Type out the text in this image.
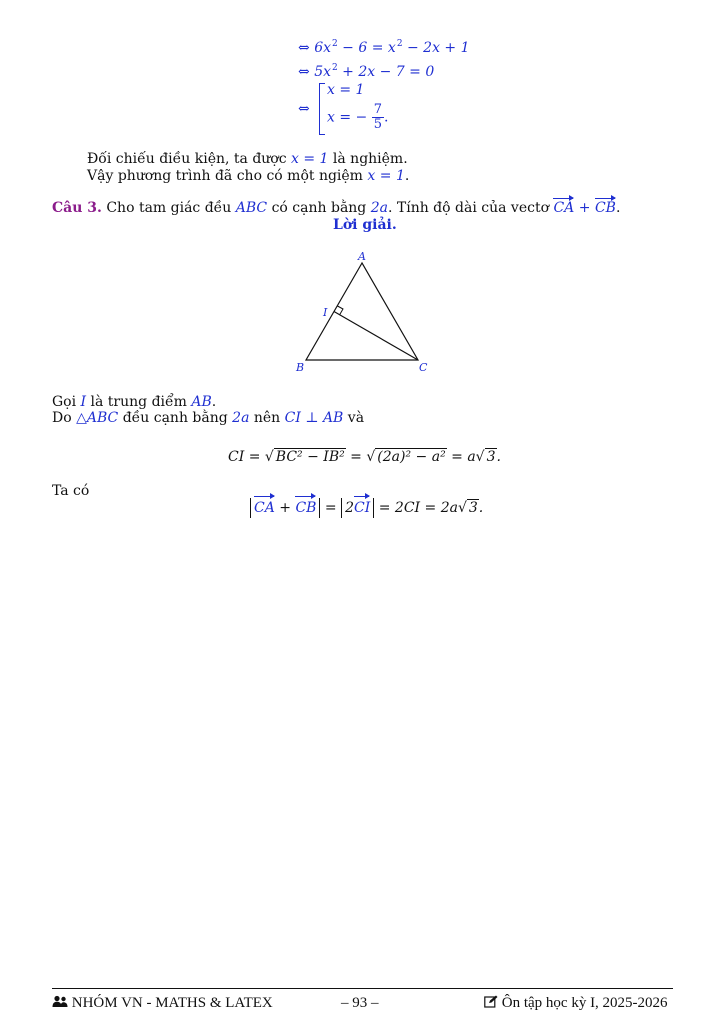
⇔ $6x^2 - 6 = x^2 - 2x + 1$
⇔ $5x^2 + 2x - 7 = 0$
⇔
x = 1
x = − $\frac{7}{5}$ .
Đối chiếu điều kiện, ta được x = 1 là nghiệm.
Vậy phương trình đã cho có một ngiệm x = 1.
Câu 3. Cho tam giác đều ABC có cạnh bằng 2a. Tính độ dài của vectơ CA + CB.
Lời giải.
A
B	C
I
Gọi I là trung điểm AB.
Do △ABC đều cạnh bằng 2a nên CI ⊥ AB và
CI = √ BC² − IB² = √ (2a)² − a² = a√ 3.
Ta có
CA + CB = 2CI = 2CI = 2a√ 3.
NHÓM VN - MATHS & LATEX	– 93 –	Ôn tập học kỳ I, 2025-2026
